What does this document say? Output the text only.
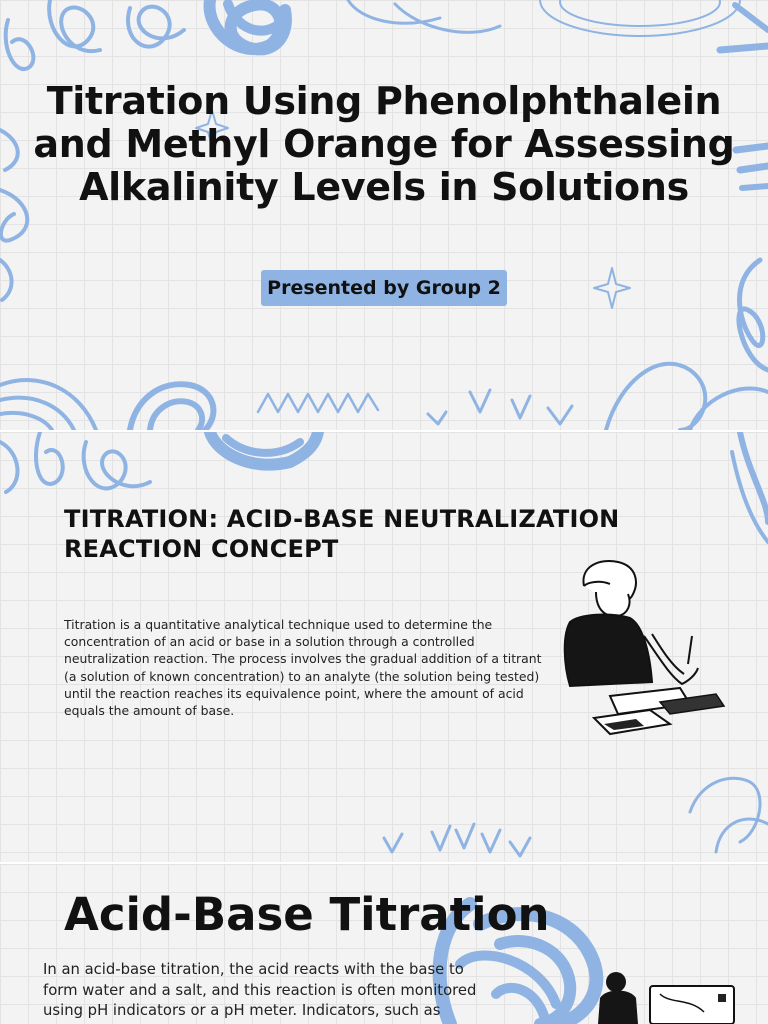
Titration Using Phenolphthalein and Methyl Orange for Assessing Alkalinity Levels in Solutions
Presented by Group 2
TITRATION: ACID-BASE NEUTRALIZATION REACTION CONCEPT

Titration is a quantitative analytical technique used to determine the concentration of an acid or base in a solution through a controlled neutralization reaction. The process involves the gradual addition of a titrant (a solution of known concentration) to an analyte (the solution being tested) until the reaction reaches its equivalence point, where the amount of acid equals the amount of base.

Acid-Base Titration

In an acid-base titration, the acid reacts with the base to form water and a salt, and this reaction is often monitored using pH indicators or a pH meter. Indicators, such as
